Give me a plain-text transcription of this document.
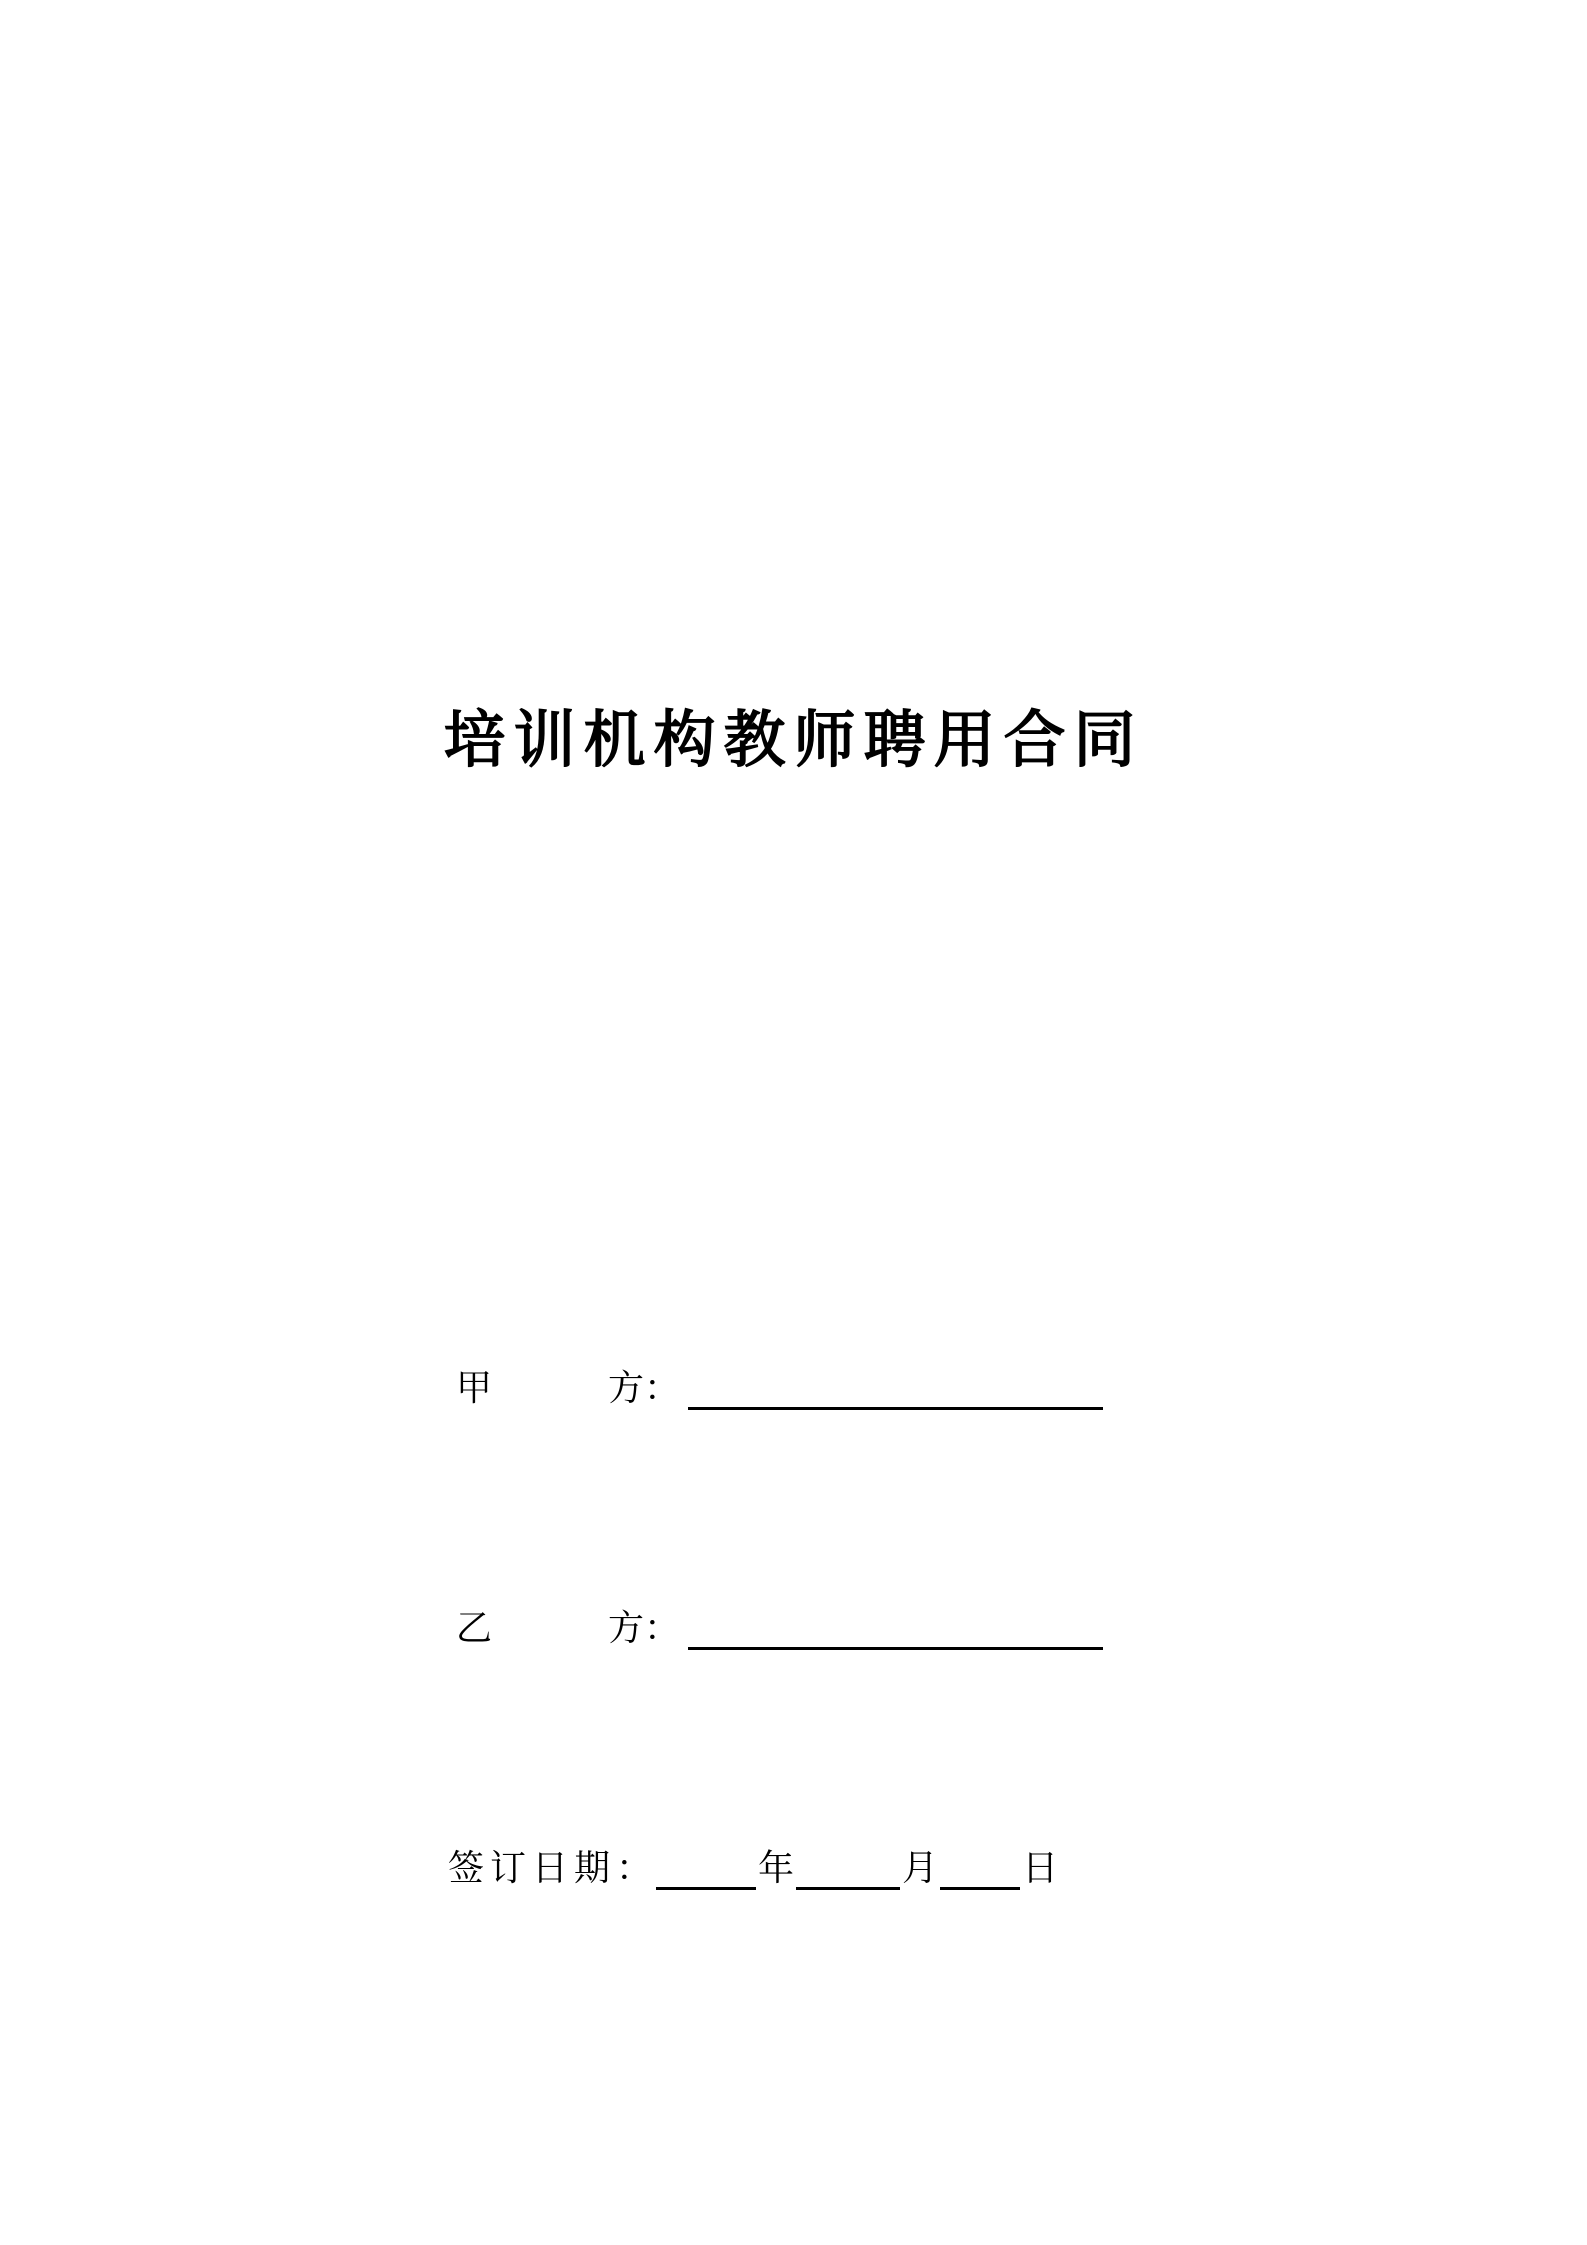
培训机构教师聘用合同
甲	方：
乙	方：
签订日期：	年	月 日
